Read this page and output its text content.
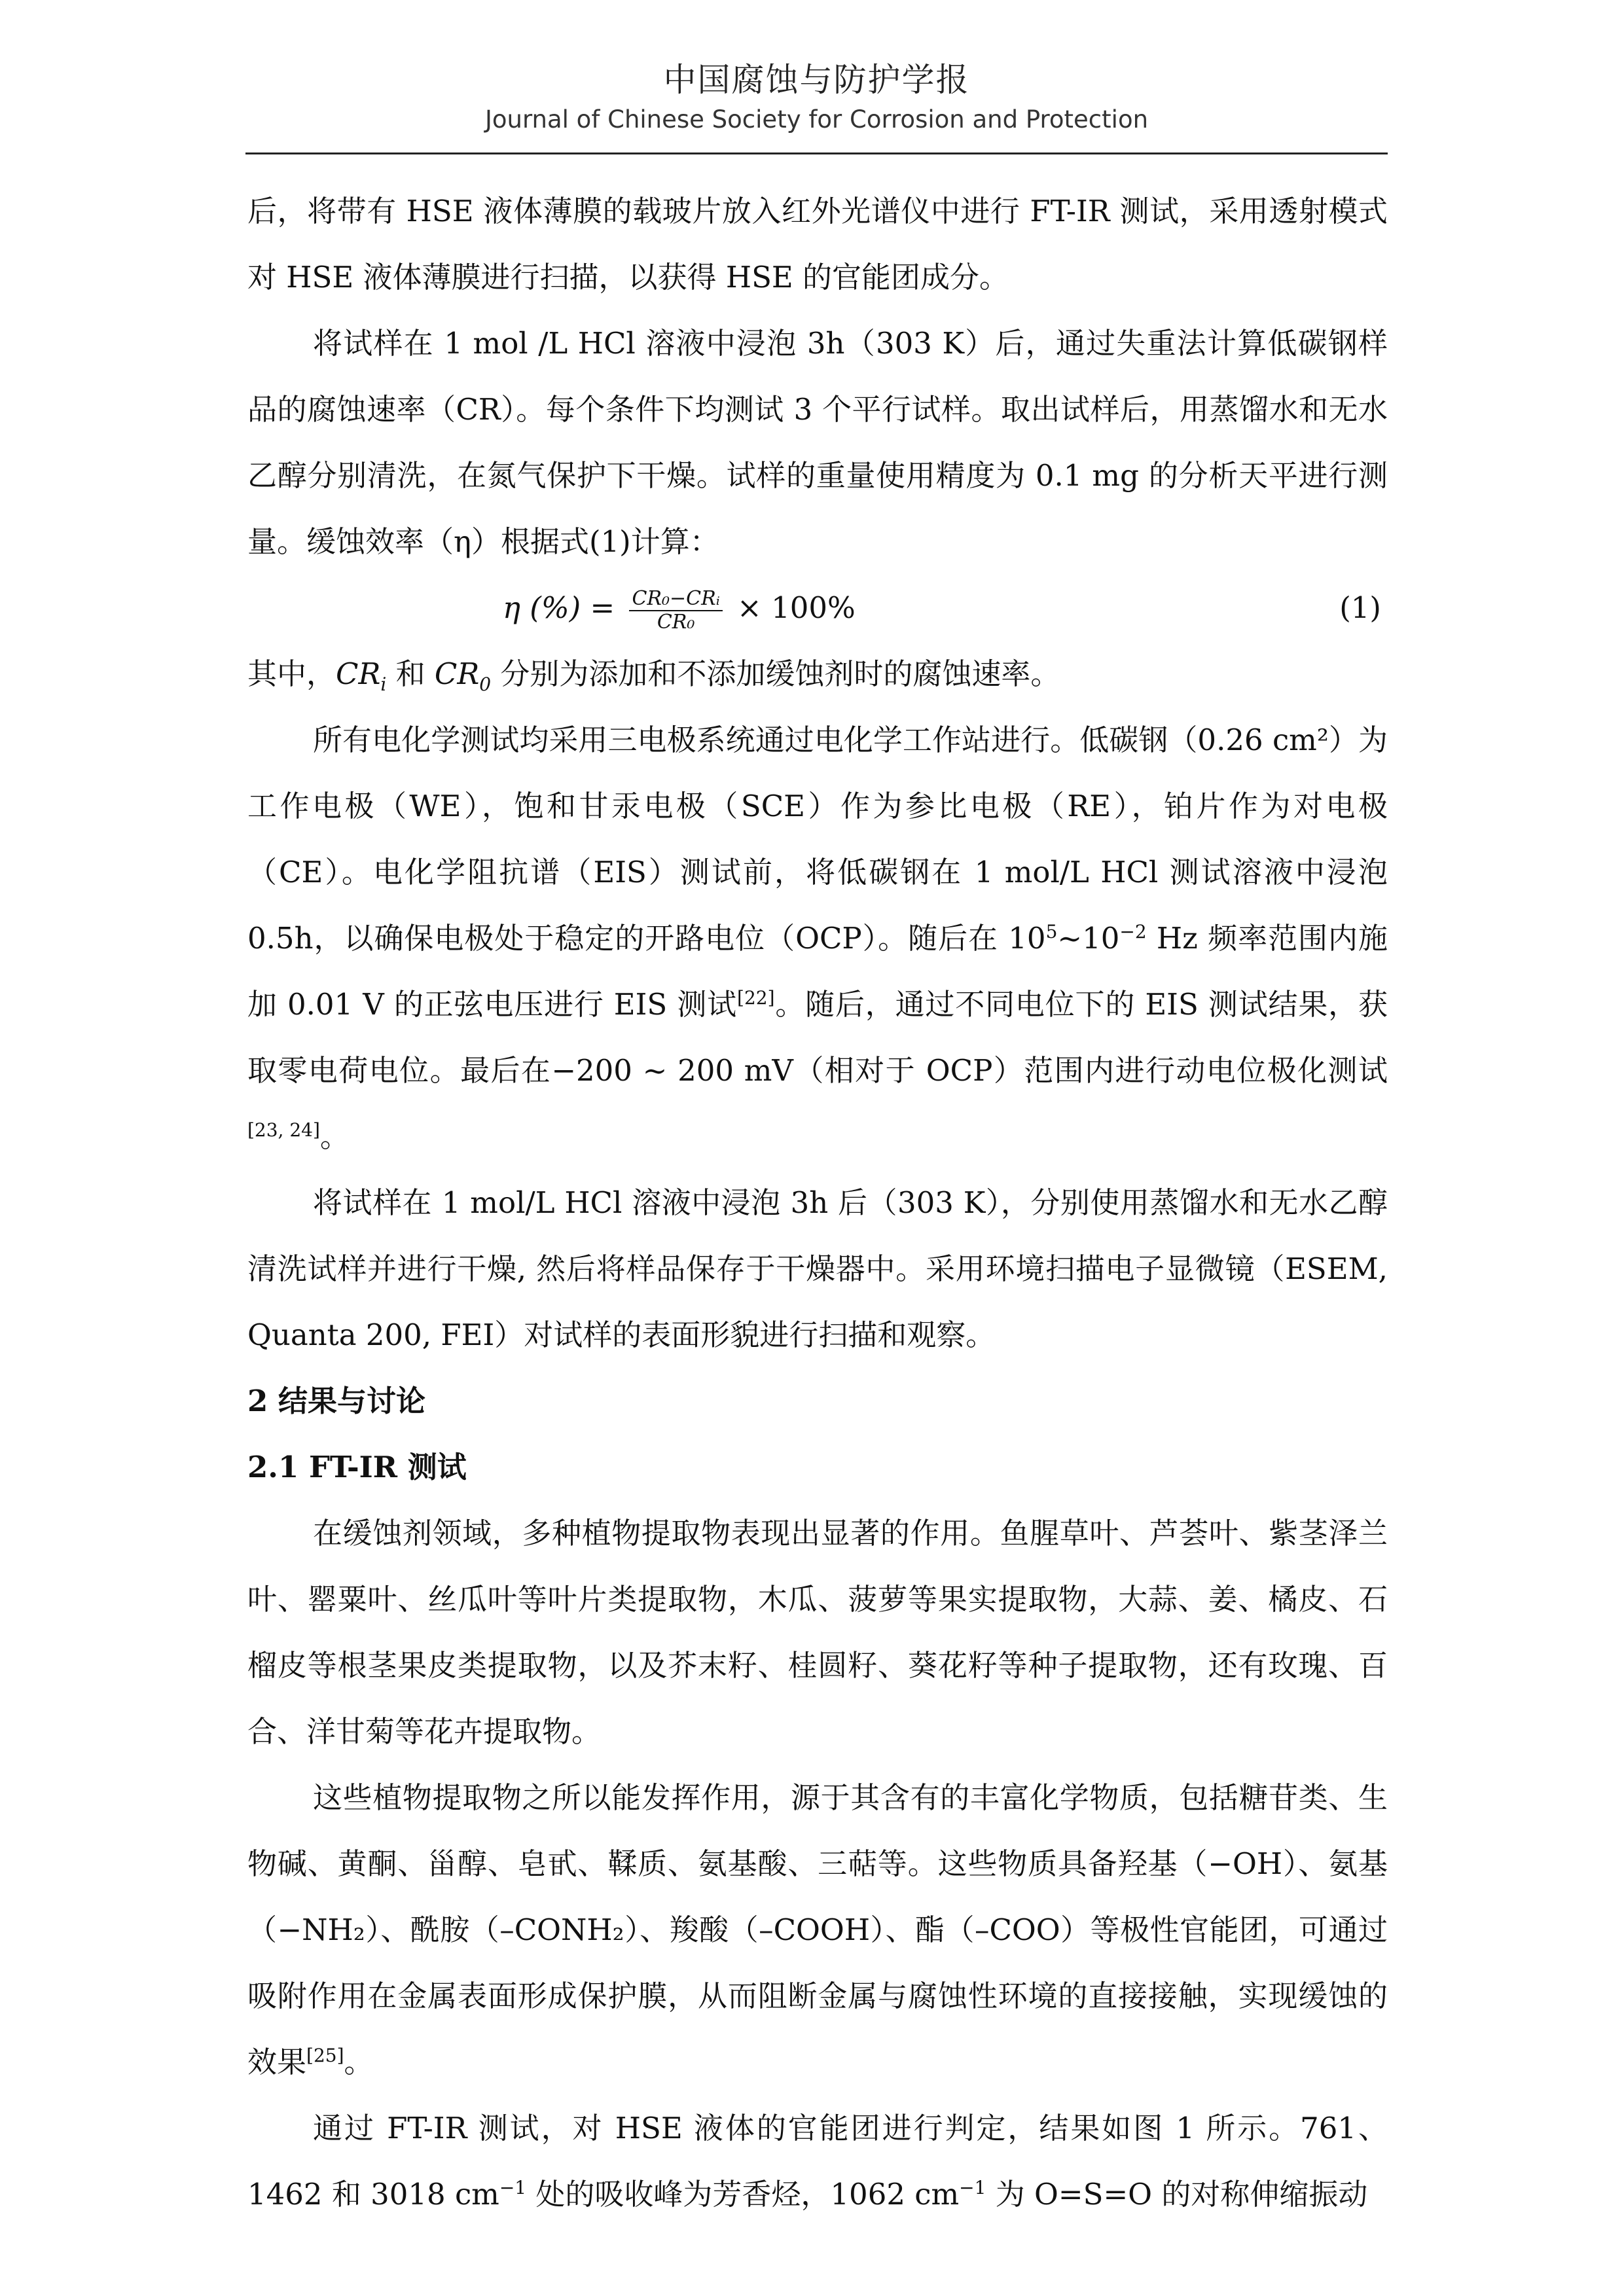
中国腐蚀与防护学报
Journal of Chinese Society for Corrosion and Protection

后，将带有 HSE 液体薄膜的载玻片放入红外光谱仪中进行 FT-IR 测试，采用透射模式对 HSE 液体薄膜进行扫描，以获得 HSE 的官能团成分。

将试样在 1 mol /L HCl 溶液中浸泡 3h（303 K）后，通过失重法计算低碳钢样品的腐蚀速率（CR）。每个条件下均测试 3 个平行试样。取出试样后，用蒸馏水和无水乙醇分别清洗，在氮气保护下干燥。试样的重量使用精度为 0.1 mg 的分析天平进行测量。缓蚀效率（η）根据式(1)计算：

η (%) = $\frac{\text{CR₀−CRᵢ}}{\text{CR₀}} \times 100\%$	(1)

其中，$CR_i$ 和 $CR_0$ 分别为添加和不添加缓蚀剂时的腐蚀速率。

所有电化学测试均采用三电极系统通过电化学工作站进行。低碳钢（0.26 cm²）为工作电极（WE），饱和甘汞电极（SCE）作为参比电极（RE），铂片作为对电极（CE）。电化学阻抗谱（EIS）测试前，将低碳钢在 1 mol/L HCl 测试溶液中浸泡 0.5h，以确保电极处于稳定的开路电位（OCP）。随后在 $10^5\sim 10^{-2}$ Hz 频率范围内施加 0.01 V 的正弦电压进行 EIS 测试[22]。随后，通过不同电位下的 EIS 测试结果，获取零电荷电位。最后在−200 ~ 200 mV（相对于 OCP）范围内进行动电位极化测试[23, 24]。

将试样在 1 mol/L HCl 溶液中浸泡 3h 后（303 K），分别使用蒸馏水和无水乙醇清洗试样并进行干燥, 然后将样品保存于干燥器中。采用环境扫描电子显微镜（ESEM, Quanta 200, FEI）对试样的表面形貌进行扫描和观察。

2 结果与讨论
2.1 FT-IR 测试

在缓蚀剂领域，多种植物提取物表现出显著的作用。鱼腥草叶、芦荟叶、紫茎泽兰叶、罂粟叶、丝瓜叶等叶片类提取物，木瓜、菠萝等果实提取物，大蒜、姜、橘皮、石榴皮等根茎果皮类提取物，以及芥末籽、桂圆籽、葵花籽等种子提取物，还有玫瑰、百合、洋甘菊等花卉提取物。

这些植物提取物之所以能发挥作用，源于其含有的丰富化学物质，包括糖苷类、生物碱、黄酮、甾醇、皂甙、鞣质、氨基酸、三萜等。这些物质具备羟基（−OH）、氨基（−NH₂）、酰胺（–CONH₂）、羧酸（–COOH）、酯（–COO）等极性官能团，可通过吸附作用在金属表面形成保护膜，从而阻断金属与腐蚀性环境的直接接触，实现缓蚀的效果[25]。

通过 FT-IR 测试，对 HSE 液体的官能团进行判定，结果如图 1 所示。761、1462 和 3018 $cm^{-1}$ 处的吸收峰为芳香烃，1062 $cm^{-1}$ 为 O=S=O 的对称伸缩振动
